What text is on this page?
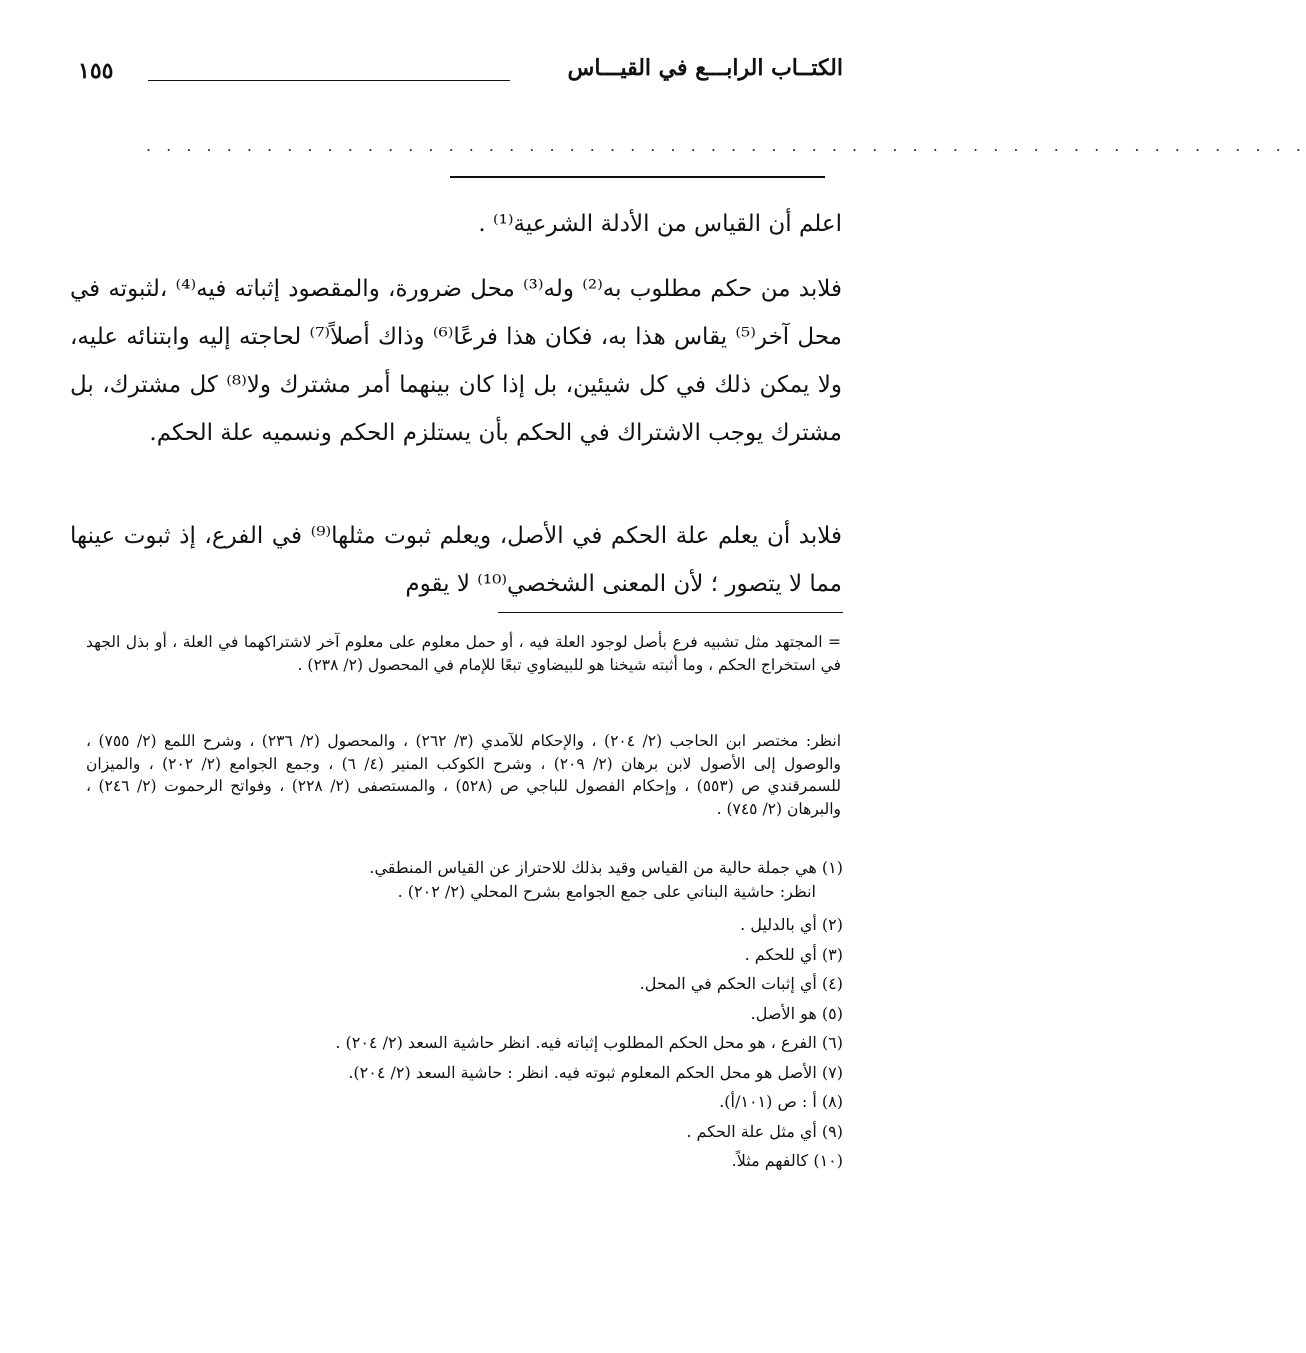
الكتــاب الرابـــع في القيـــاس
١٥٥
. . . . . . . . . . . . . . . . . . . . . . . . . . . . . . . . . . . . . . . . . . . . . . . . . . . . . . . . . .
اعلم أن القياس من الأدلة الشرعية⁽¹⁾ .
فلابد من حكم مطلوب به⁽²⁾ وله⁽³⁾ محل ضرورة، والمقصود إثباته فيه⁽⁴⁾ ،لثبوته في محل آخر⁽⁵⁾ يقاس هذا به، فكان هذا فرعًا⁽⁶⁾ وذاك أصلاً⁽⁷⁾ لحاجته إليه وابتنائه عليه، ولا يمكن ذلك في كل شيئين، بل إذا كان بينهما أمر مشترك ولا⁽⁸⁾ كل مشترك، بل مشترك يوجب الاشتراك في الحكم بأن يستلزم الحكم ونسميه علة الحكم.
فلابد أن يعلم علة الحكم في الأصل، ويعلم ثبوت مثلها⁽⁹⁾ في الفرع، إذ ثبوت عينها مما لا يتصور ؛ لأن المعنى الشخصي⁽¹⁰⁾ لا يقوم
= المجتهد مثل تشبيه فرع بأصل لوجود العلة فيه ، أو حمل معلوم على معلوم آخر لاشتراكهما في العلة ، أو بذل الجهد في استخراج الحكم ، وما أثبته شيخنا هو للبيضاوي تبعًا للإمام في المحصول (٢/ ٢٣٨) .
انظر: مختصر ابن الحاجب (٢/ ٢٠٤) ، والإحكام للآمدي (٣/ ٢٦٢) ، والمحصول (٢/ ٢٣٦) ، وشرح اللمع (٢/ ٧٥٥) ، والوصول إلى الأصول لابن برهان (٢/ ٢٠٩) ، وشرح الكوكب المنير (٤/ ٦) ، وجمع الجوامع (٢/ ٢٠٢) ، والميزان للسمرقندي ص (٥٥٣) ، وإحكام الفصول للباجي ص (٥٢٨) ، والمستصفى (٢/ ٢٢٨) ، وفواتح الرحموت (٢/ ٢٤٦) ، والبرهان (٢/ ٧٤٥) .
(١) هي جملة حالية من القياس وقيد بذلك للاحتراز عن القياس المنطقي.
انظر: حاشية البناني على جمع الجوامع بشرح المحلي (٢/ ٢٠٢) .
(٢) أي بالدليل .
(٣) أي للحكم .
(٤) أي إثبات الحكم في المحل.
(٥) هو الأصل.
(٦) الفرع ، هو محل الحكم المطلوب إثباته فيه. انظر حاشية السعد (٢/ ٢٠٤) .
(٧) الأصل هو محل الحكم المعلوم ثبوته فيه. انظر : حاشية السعد (٢/ ٢٠٤).
(٨) أ : ص (١٠١/أ).
(٩) أي مثل علة الحكم .
(١٠) كالفهم مثلاً.
